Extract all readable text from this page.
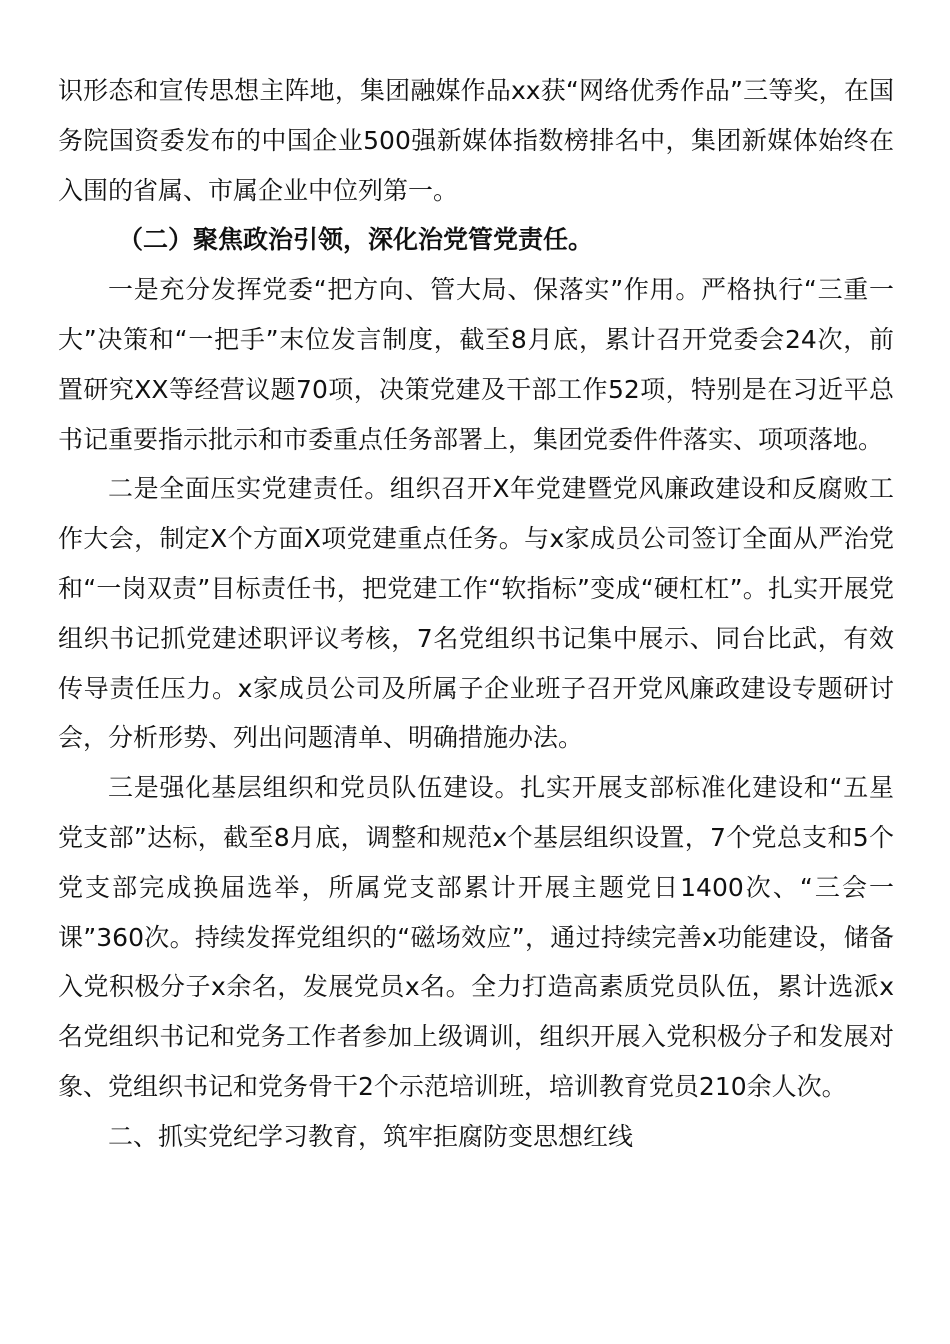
识形态和宣传思想主阵地，集团融媒作品xx获“网络优秀作品”三等奖，在国务院国资委发布的中国企业500强新媒体指数榜排名中，集团新媒体始终在入围的省属、市属企业中位列第一。

（二）聚焦政治引领，深化治党管党责任。

一是充分发挥党委“把方向、管大局、保落实”作用。严格执行“三重一大”决策和“一把手”末位发言制度，截至8月底，累计召开党委会24次，前置研究XX等经营议题70项，决策党建及干部工作52项，特别是在习近平总书记重要指示批示和市委重点任务部署上，集团党委件件落实、项项落地。

二是全面压实党建责任。组织召开X年党建暨党风廉政建设和反腐败工作大会，制定X个方面X项党建重点任务。与x家成员公司签订全面从严治党和“一岗双责”目标责任书，把党建工作“软指标”变成“硬杠杠”。扎实开展党组织书记抓党建述职评议考核，7名党组织书记集中展示、同台比武，有效传导责任压力。x家成员公司及所属子企业班子召开党风廉政建设专题研讨会，分析形势、列出问题清单、明确措施办法。

三是强化基层组织和党员队伍建设。扎实开展支部标准化建设和“五星党支部”达标，截至8月底，调整和规范x个基层组织设置，7个党总支和5个党支部完成换届选举，所属党支部累计开展主题党日1400次、“三会一课”360次。持续发挥党组织的“磁场效应”，通过持续完善x功能建设，储备入党积极分子x余名，发展党员x名。全力打造高素质党员队伍，累计选派x名党组织书记和党务工作者参加上级调训，组织开展入党积极分子和发展对象、党组织书记和党务骨干2个示范培训班，培训教育党员210余人次。

二、抓实党纪学习教育，筑牢拒腐防变思想红线
